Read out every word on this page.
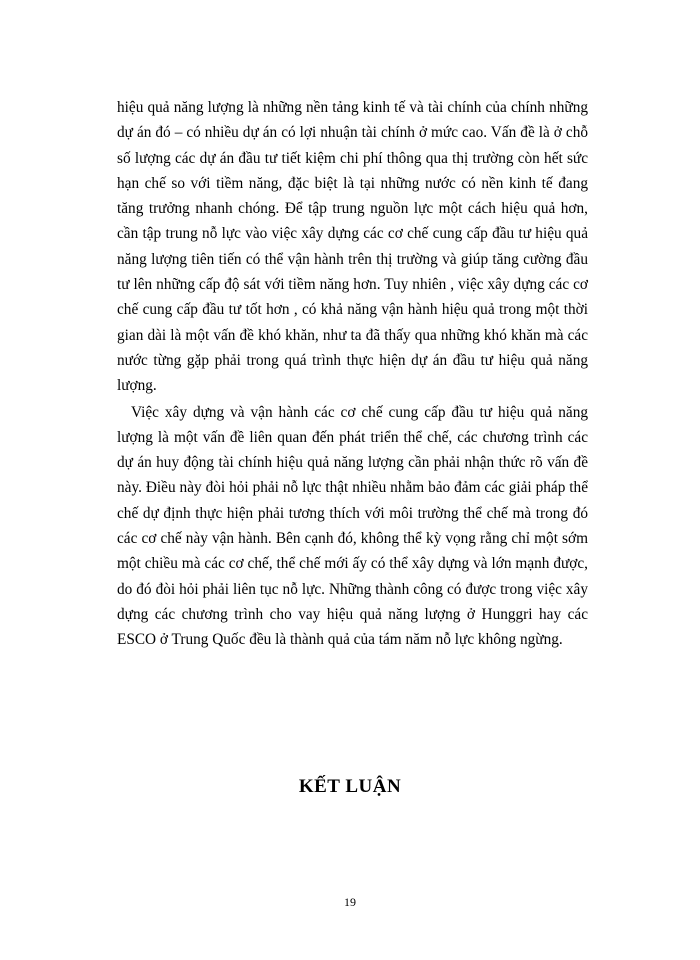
hiệu quả năng lượng là những nền tảng kinh tế và tài chính của chính những dự án đó – có nhiều dự án có lợi nhuận tài chính ở mức cao. Vấn đề là ở chỗ số lượng các dự án đầu tư tiết kiệm chi phí thông qua thị trường còn hết sức hạn chế so với tiềm năng, đặc biệt là tại những nước có nền kinh tế đang tăng trưởng nhanh chóng. Để tập trung nguồn lực một cách hiệu quả hơn, cần tập trung nỗ lực vào việc xây dựng các cơ chế cung cấp đầu tư hiệu quả năng lượng tiên tiến có thể vận hành trên thị trường và giúp tăng cường đầu tư lên những cấp độ sát với tiềm năng hơn. Tuy nhiên , việc xây dựng các cơ chế cung cấp đầu tư tốt hơn , có khả năng vận hành hiệu quả trong một thời gian dài là một vấn đề khó khăn, như ta đã thấy qua những khó khăn mà các nước từng gặp phải trong quá trình thực hiện dự án đầu tư hiệu quả năng lượng.

Việc xây dựng và vận hành các cơ chế cung cấp đầu tư hiệu quả năng lượng là một vấn đề liên quan đến phát triển thể chế, các chương trình các dự án huy động tài chính hiệu quả năng lượng cần phải nhận thức rõ vấn đề này. Điều này đòi hỏi phải nỗ lực thật nhiều nhằm bảo đảm các giải pháp thể chế dự định thực hiện phải tương thích với môi trường thể chế mà trong đó các cơ chế này vận hành. Bên cạnh đó, không thể kỳ vọng rằng chỉ một sớm một chiều mà các cơ chế, thể chế mới ấy có thể xây dựng và lớn mạnh được, do đó đòi hỏi phải liên tục nỗ lực. Những thành công có được trong việc xây dựng các chương trình cho vay hiệu quả năng lượng ở Hunggri hay các ESCO ở Trung Quốc đều là thành quả của tám năm nỗ lực không ngừng.

KẾT LUẬN
19
